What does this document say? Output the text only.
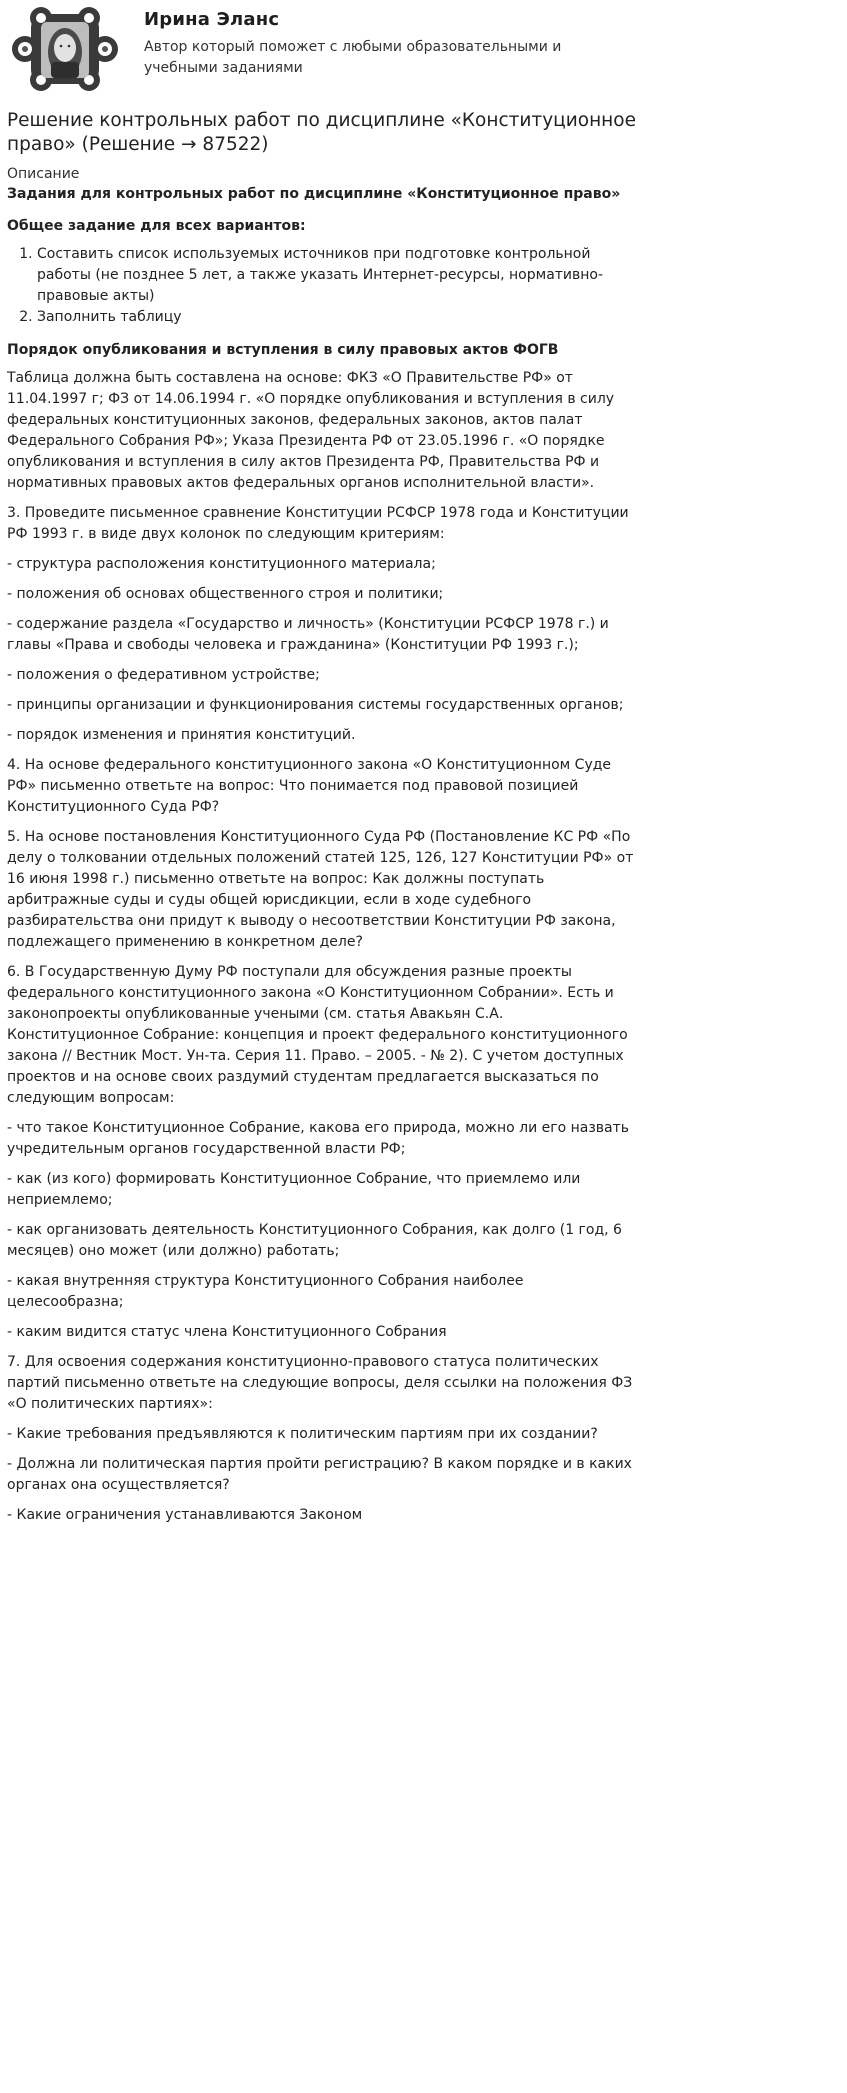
Ирина Эланс
Автор который поможет с любыми образовательными и учебными заданиями
Решение контрольных работ по дисциплине «Конституционное право» (Решение → 87522)
Описание

Задания для контрольных работ по дисциплине «Конституционное право»

Общее задание для всех вариантов:

1. Составить список используемых источников при подготовке контрольной работы (не позднее 5 лет, а также указать Интернет-ресурсы, нормативно-правовые акты)
2. Заполнить таблицу

Порядок опубликования и вступления в силу правовых актов ФОГВ

Таблица должна быть составлена на основе: ФКЗ «О Правительстве РФ» от 11.04.1997 г; ФЗ от 14.06.1994 г. «О порядке опубликования и вступления в силу федеральных конституционных законов, федеральных законов, актов палат Федерального Собрания РФ»; Указа Президента РФ от 23.05.1996 г. «О порядке опубликования и вступления в силу актов Президента РФ, Правительства РФ и нормативных правовых актов федеральных органов исполнительной власти».

3. Проведите письменное сравнение Конституции РСФСР 1978 года и Конституции РФ 1993 г. в виде двух колонок по следующим критериям:

- структура расположения конституционного материала;

- положения об основах общественного строя и политики;

- содержание раздела «Государство и личность» (Конституции РСФСР 1978 г.) и главы «Права и свободы человека и гражданина» (Конституции РФ 1993 г.);

- положения о федеративном устройстве;

- принципы организации и функционирования системы государственных органов;

- порядок изменения и принятия конституций.

4. На основе федерального конституционного закона «О Конституционном Суде РФ» письменно ответьте на вопрос: Что понимается под правовой позицией Конституционного Суда РФ?

5. На основе постановления Конституционного Суда РФ (Постановление КС РФ «По делу о толковании отдельных положений статей 125, 126, 127 Конституции РФ» от 16 июня 1998 г.) письменно ответьте на вопрос: Как должны поступать арбитражные суды и суды общей юрисдикции, если в ходе судебного разбирательства они придут к выводу о несоответствии Конституции РФ закона, подлежащего применению в конкретном деле?

6. В Государственную Думу РФ поступали для обсуждения разные проекты федерального конституционного закона «О Конституционном Собрании». Есть и законопроекты опубликованные учеными (см. статья Авакьян С.А. Конституционное Собрание: концепция и проект федерального конституционного закона // Вестник Мост. Ун-та. Серия 11. Право. – 2005. - № 2). С учетом доступных проектов и на основе своих раздумий студентам предлагается высказаться по следующим вопросам:

- что такое Конституционное Собрание, какова его природа, можно ли его назвать учредительным органов государственной власти РФ;

- как (из кого) формировать Конституционное Собрание, что приемлемо или неприемлемо;

- как организовать деятельность Конституционного Собрания, как долго (1 год, 6 месяцев) оно может (или должно) работать;

- какая внутренняя структура Конституционного Собрания наиболее целесообразна;

- каким видится статус члена Конституционного Собрания

7. Для освоения содержания конституционно-правового статуса политических партий письменно ответьте на следующие вопросы, деля ссылки на положения ФЗ «О политических партиях»:

- Какие требования предъявляются к политическим партиям при их создании?

- Должна ли политическая партия пройти регистрацию? В каком порядке и в каких органах она осуществляется?

- Какие ограничения устанавливаются Законом
